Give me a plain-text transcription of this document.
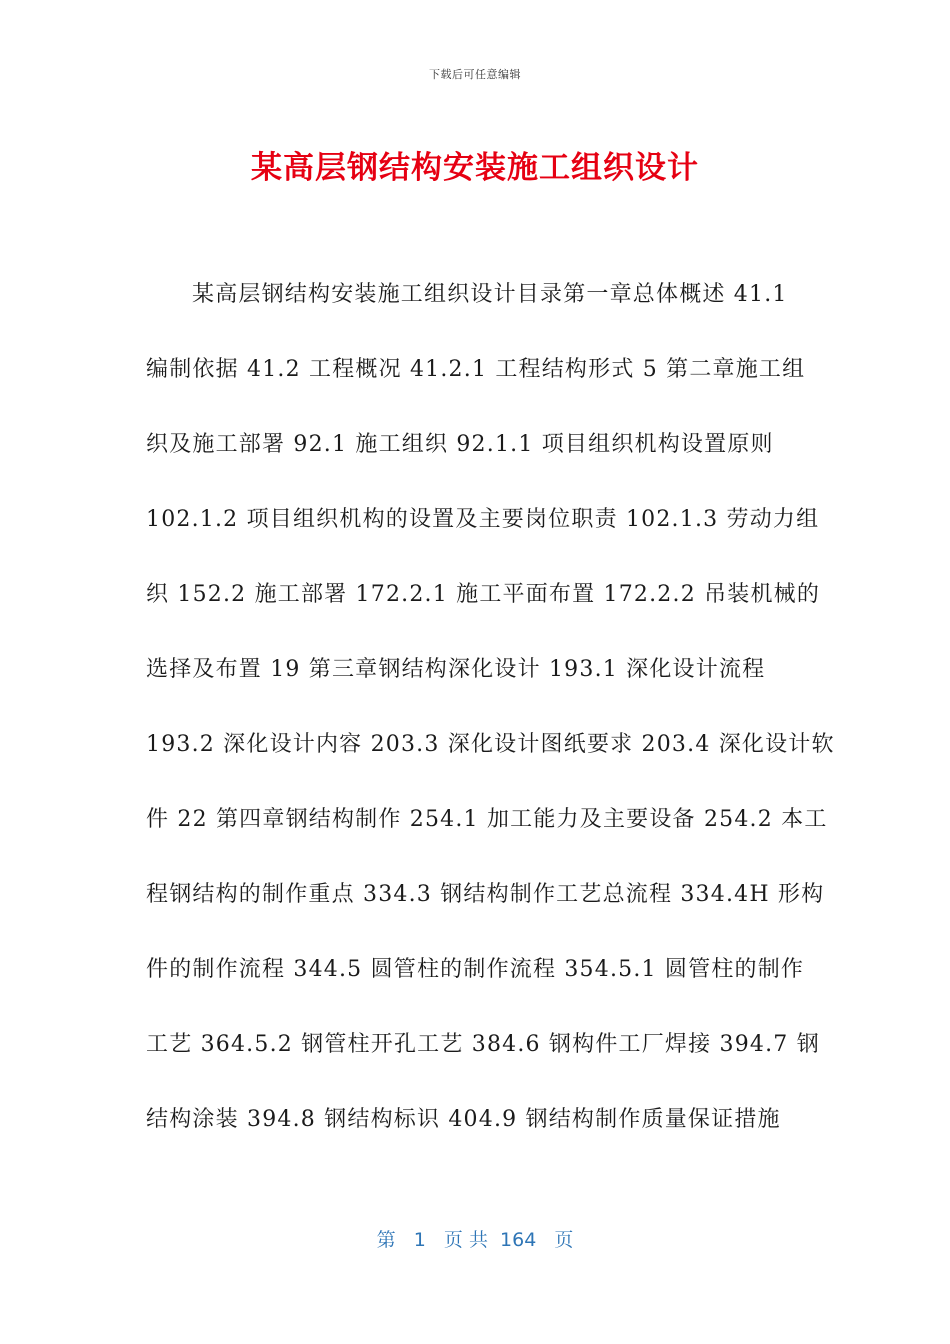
下载后可任意编辑
某高层钢结构安装施工组织设计
某高层钢结构安装施工组织设计目录第一章总体概述 41.1
编制依据 41.2 工程概况 41.2.1 工程结构形式 5 第二章施工组
织及施工部署 92.1 施工组织 92.1.1 项目组织机构设置原则
102.1.2 项目组织机构的设置及主要岗位职责 102.1.3 劳动力组
织 152.2 施工部署 172.2.1 施工平面布置 172.2.2 吊装机械的
选择及布置 19 第三章钢结构深化设计 193.1 深化设计流程
193.2 深化设计内容 203.3 深化设计图纸要求 203.4 深化设计软
件 22 第四章钢结构制作 254.1 加工能力及主要设备 254.2 本工
程钢结构的制作重点 334.3 钢结构制作工艺总流程 334.4H 形构
件的制作流程 344.5 圆管柱的制作流程 354.5.1 圆管柱的制作
工艺 364.5.2 钢管柱开孔工艺 384.6 钢构件工厂焊接 394.7 钢
结构涂装 394.8 钢结构标识 404.9 钢结构制作质量保证措施
第   1   页 共  164   页
